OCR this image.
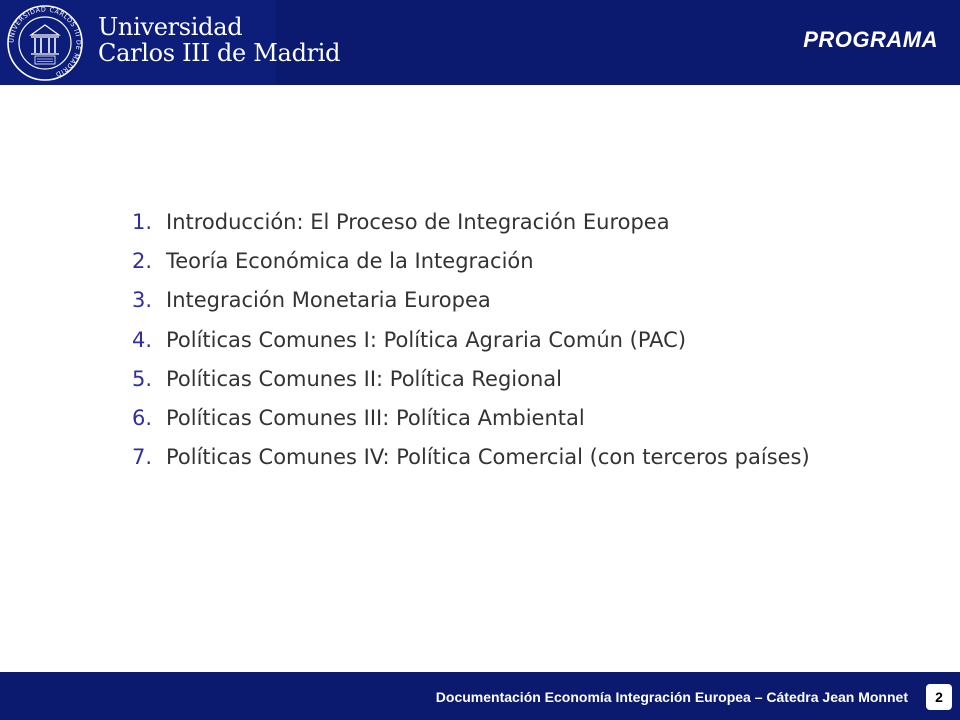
UNIVERSIDAD CARLOS III DE MADRID
Universidad
Carlos III de Madrid	PROGRAMA
1. Introducción: El Proceso de Integración Europea
2. Teoría Económica de la Integración
3. Integración Monetaria Europea
4. Políticas Comunes I: Política Agraria Común (PAC)
5. Políticas Comunes II: Política Regional
6. Políticas Comunes III: Política Ambiental
7. Políticas Comunes IV: Política Comercial (con terceros países)
Documentación Economía Integración Europea – Cátedra Jean Monnet	2
